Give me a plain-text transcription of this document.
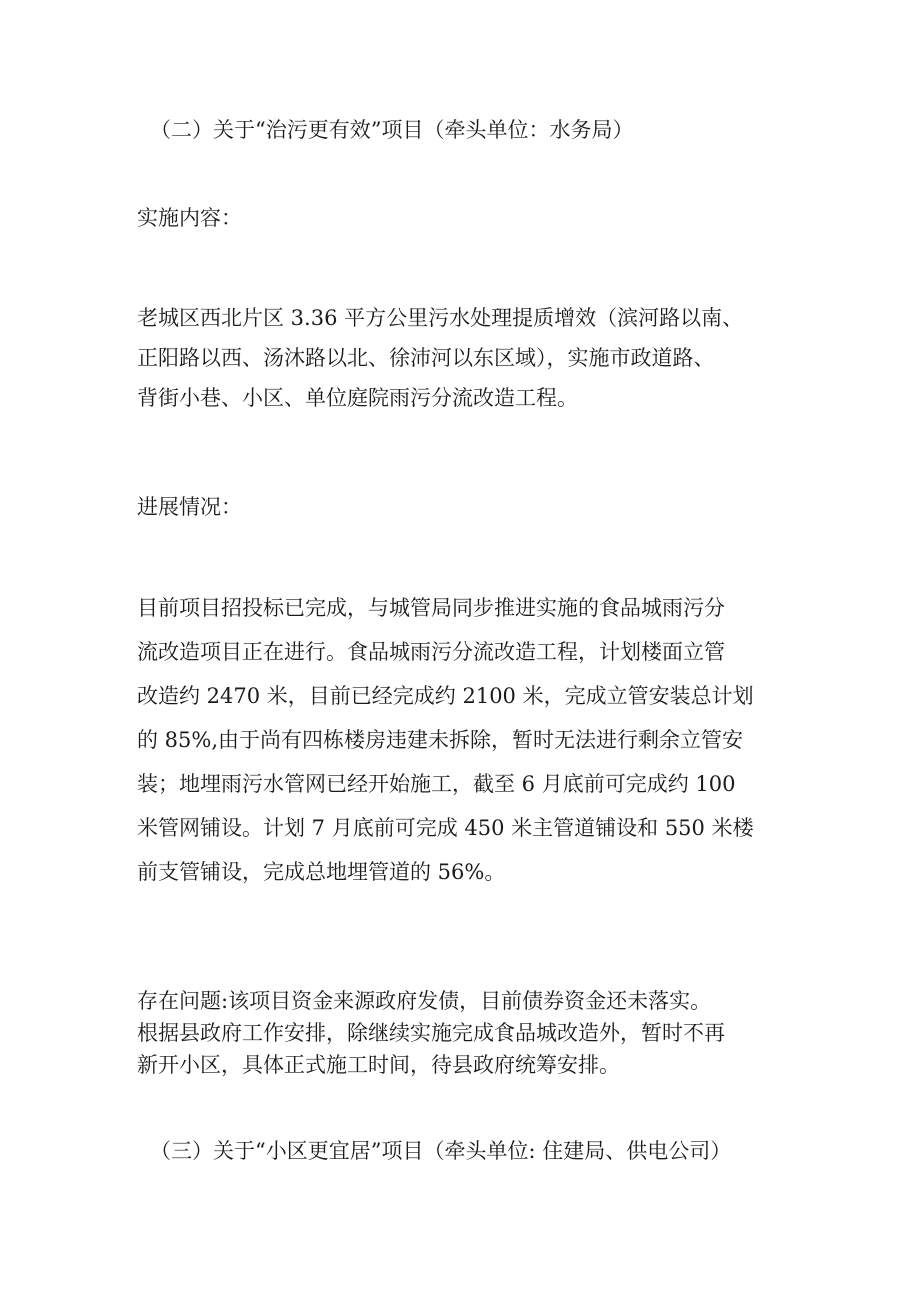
（二）关于“治污更有效”项目（牵头单位：水务局）

实施内容：

老城区西北片区 3.36 平方公里污水处理提质增效（滨河路以南、
正阳路以西、汤沐路以北、徐沛河以东区域），实施市政道路、
背街小巷、小区、单位庭院雨污分流改造工程。

进展情况：

目前项目招投标已完成，与城管局同步推进实施的食品城雨污分
流改造项目正在进行。食品城雨污分流改造工程，计划楼面立管
改造约 2470 米，目前已经完成约 2100 米，完成立管安装总计划
的 85%,由于尚有四栋楼房违建未拆除，暂时无法进行剩余立管安
装；地埋雨污水管网已经开始施工，截至 6 月底前可完成约 100
米管网铺设。计划 7 月底前可完成 450 米主管道铺设和 550 米楼
前支管铺设，完成总地埋管道的 56%。

存在问题:该项目资金来源政府发债，目前债券资金还未落实。
根据县政府工作安排，除继续实施完成食品城改造外，暂时不再
新开小区，具体正式施工时间，待县政府统筹安排。

（三）关于“小区更宜居”项目（牵头单位: 住建局、供电公司）
